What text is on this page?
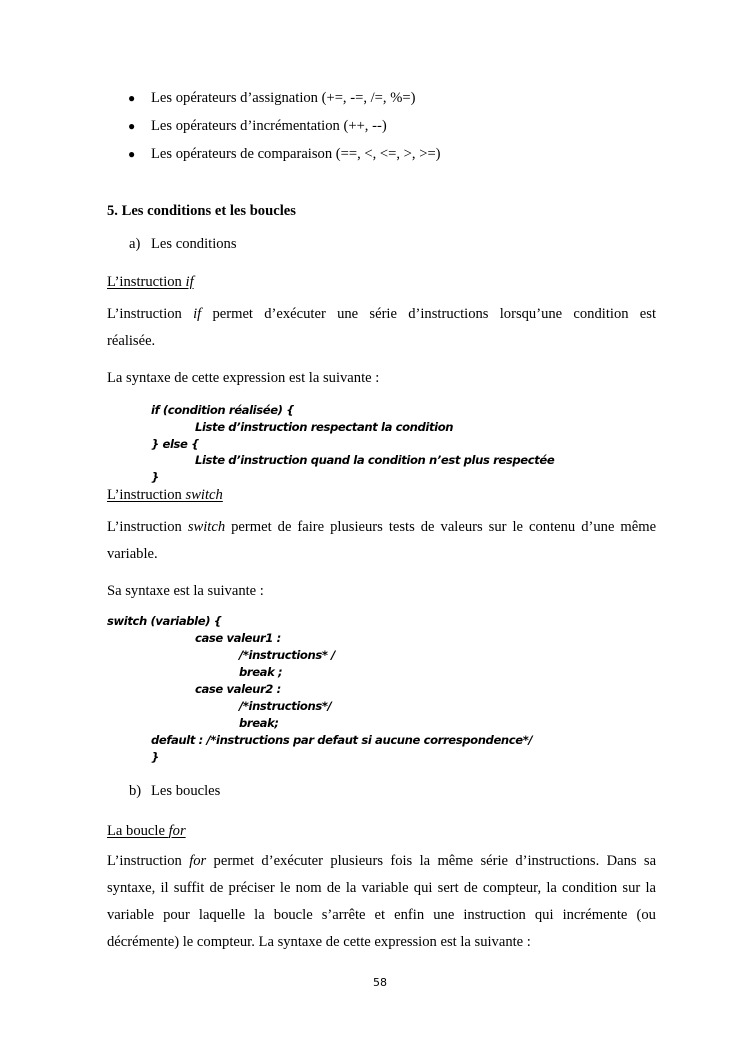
● Les opérateurs d’assignation (+=, -=, /=, %=)
● Les opérateurs d’incrémentation (++, --)
● Les opérateurs de comparaison (==, <, <=, >, >=)
5. Les conditions et les boucles
a) Les conditions
L’instruction if
L’instruction if permet d’exécuter une série d’instructions lorsqu’une condition est
réalisée.
La syntaxe de cette expression est la suivante :
if (condition réalisée) {
Liste d’instruction respectant la condition
} else {
Liste d’instruction quand la condition n’est plus respectée
}
L’instruction switch
L’instruction switch permet de faire plusieurs tests de valeurs sur le contenu d’une même
variable.
Sa syntaxe est la suivante :
switch (variable) {
case valeur1 :
/*instructions* /
break ;
case valeur2 :
/*instructions*/
break;
default : /*instructions par defaut si aucune correspondence*/
}
b) Les boucles
La boucle for
L’instruction for permet d’exécuter plusieurs fois la même série d’instructions. Dans sa
syntaxe, il suffit de préciser le nom de la variable qui sert de compteur, la condition sur la
variable pour laquelle la boucle s’arrête et enfin une instruction qui incrémente (ou
décrémente) le compteur. La syntaxe de cette expression est la suivante :
58
